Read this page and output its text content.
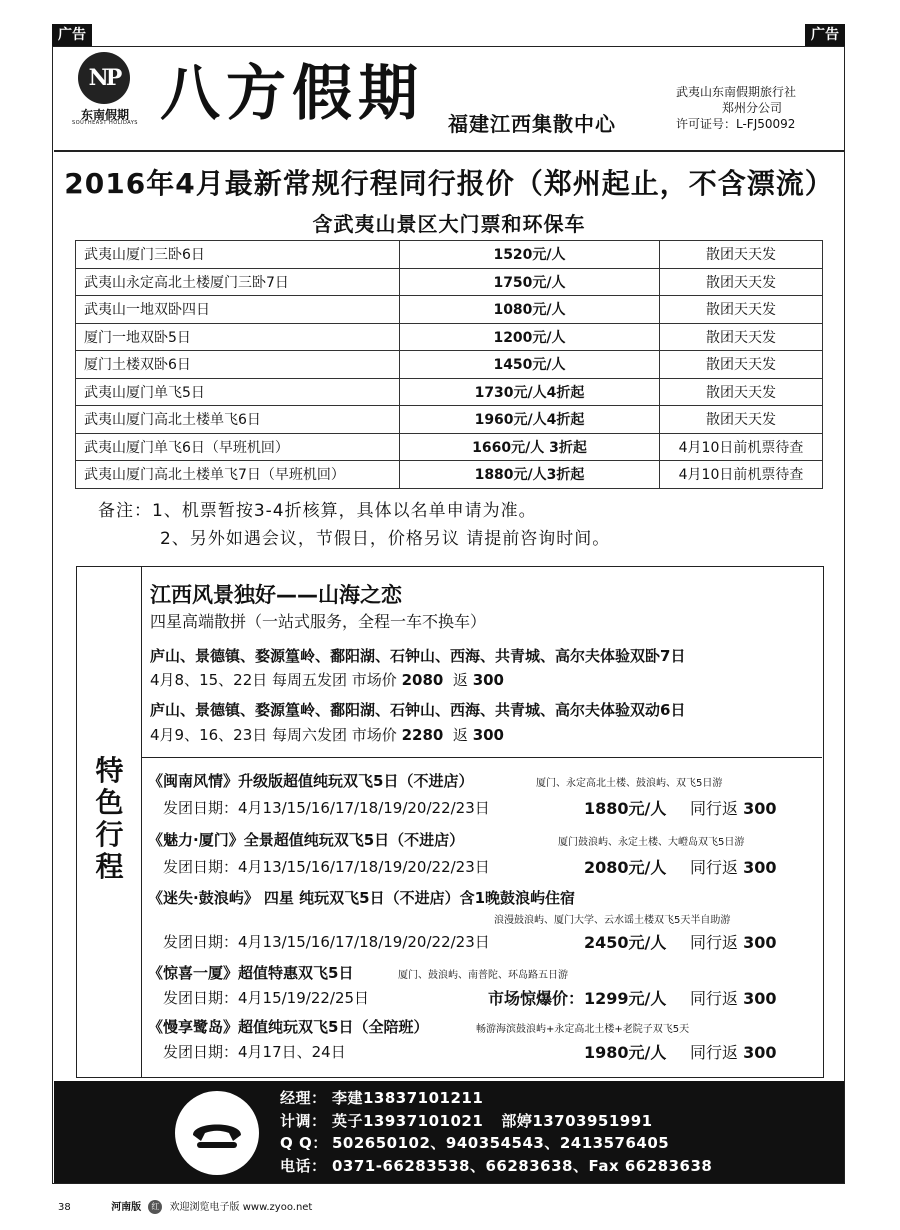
广告	广告
NP
东南假期
SOUTHEAST HOLIDAYS 八方假期 福建江西集散中心
武夷山东南假期旅行社
郑州分公司
许可证号：L-FJ50092
2016年4月最新常规行程同行报价（郑州起止，不含漂流）
含武夷山景区大门票和环保车
武夷山厦门三卧6日	1520元/人	散团天天发
武夷山永定高北土楼厦门三卧7日	1750元/人	散团天天发
武夷山一地双卧四日	1080元/人	散团天天发
厦门一地双卧5日	1200元/人	散团天天发
厦门土楼双卧6日	1450元/人	散团天天发
武夷山厦门单飞5日	1730元/人4折起	散团天天发
武夷山厦门高北土楼单飞6日	1960元/人4折起	散团天天发
武夷山厦门单飞6日（早班机回）	1660元/人 3折起	4月10日前机票待查
武夷山厦门高北土楼单飞7日（早班机回）	1880元/人3折起	4月10日前机票待查
备注：1、机票暂按3-4折核算，具体以名单申请为准。
2、另外如遇会议，节假日，价格另议 请提前咨询时间。
特
色
行
程
江西风景独好——山海之恋
四星高端散拼（一站式服务，全程一车不换车）
庐山、景德镇、婺源篁岭、鄱阳湖、石钟山、西海、共青城、高尔夫体验双卧7日
4月8、15、22日 每周五发团 市场价 2080 返 300
庐山、景德镇、婺源篁岭、鄱阳湖、石钟山、西海、共青城、高尔夫体验双动6日
4月9、16、23日 每周六发团 市场价 2280 返 300
《闽南风情》升级版超值纯玩双飞5日（不进店）	厦门、永定高北土楼、鼓浪屿、双飞5日游
发团日期：4月13/15/16/17/18/19/20/22/23日	1880元/人 同行返 300
《魅力·厦门》全景超值纯玩双飞5日（不进店）	厦门鼓浪屿、永定土楼、大嶝岛双飞5日游
发团日期：4月13/15/16/17/18/19/20/22/23日	2080元/人 同行返 300
《迷失·鼓浪屿》 四星 纯玩双飞5日（不进店）含1晚鼓浪屿住宿
浪漫鼓浪屿、厦门大学、云水谣土楼双飞5天半自助游
发团日期：4月13/15/16/17/18/19/20/22/23日	2450元/人 同行返 300
《惊喜一厦》超值特惠双飞5日	厦门、鼓浪屿、南普陀、环岛路五日游
发团日期：4月15/19/22/25日	市场惊爆价：1299元/人 同行返 300
《慢享鹭岛》超值纯玩双飞5日（全陪班）	畅游海滨鼓浪屿+永定高北土楼+老院子双飞5天
发团日期：4月17日、24日	1980元/人 同行返 300
经理： 李建13837101211
计调： 英子13937101021 部婷13703951991
Q Q： 502650102、940354543、2413576405
电话： 0371-66283538、66283638、Fax 66283638
38	河南版 红 欢迎浏览电子版 www.zyoo.net
